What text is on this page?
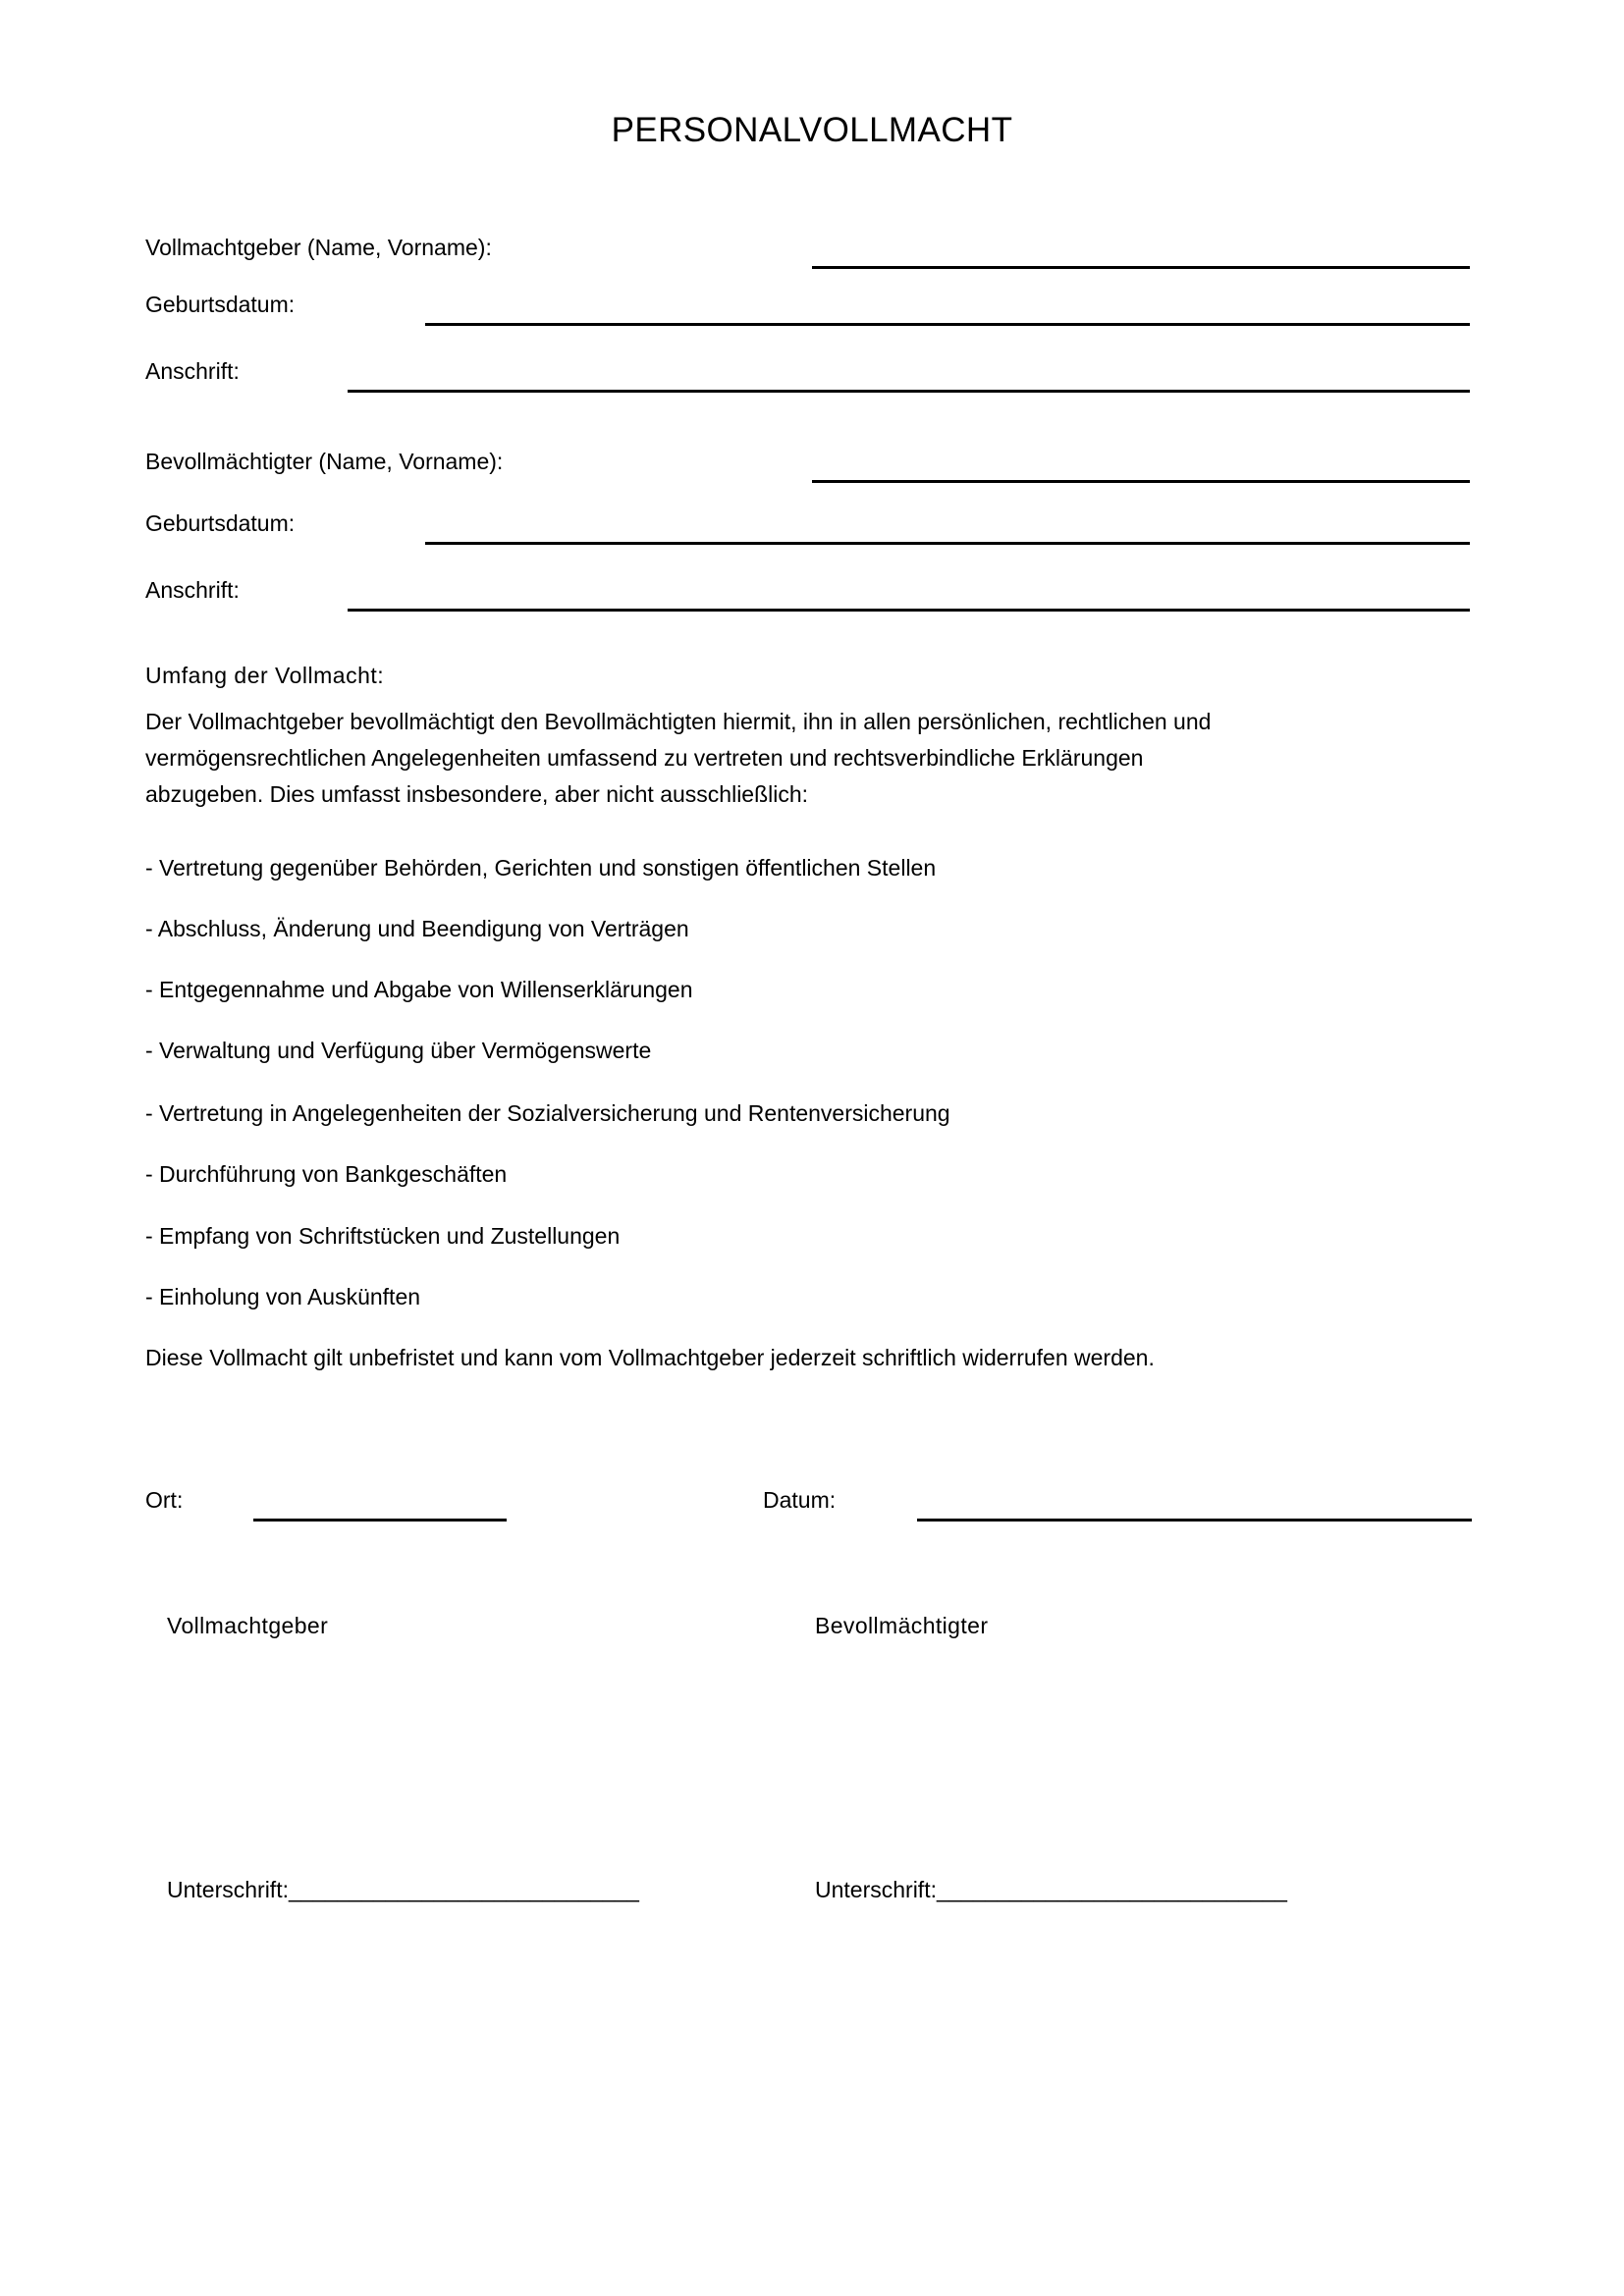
PERSONALVOLLMACHT
Vollmachtgeber (Name, Vorname):
Geburtsdatum:
Anschrift:
Bevollmächtigter (Name, Vorname):
Geburtsdatum:
Anschrift:
Umfang der Vollmacht:
Der Vollmachtgeber bevollmächtigt den Bevollmächtigten hiermit, ihn in allen persönlichen, rechtlichen und
vermögensrechtlichen Angelegenheiten umfassend zu vertreten und rechtsverbindliche Erklärungen
abzugeben. Dies umfasst insbesondere, aber nicht ausschließlich:
- Vertretung gegenüber Behörden, Gerichten und sonstigen öffentlichen Stellen
- Abschluss, Änderung und Beendigung von Verträgen
- Entgegennahme und Abgabe von Willenserklärungen
- Verwaltung und Verfügung über Vermögenswerte
- Vertretung in Angelegenheiten der Sozialversicherung und Rentenversicherung
- Durchführung von Bankgeschäften
- Empfang von Schriftstücken und Zustellungen
- Einholung von Auskünften
Diese Vollmacht gilt unbefristet und kann vom Vollmachtgeber jederzeit schriftlich widerrufen werden.
Ort:	Datum:
Vollmachtgeber	Bevollmächtigter
Unterschrift:_____________________________	Unterschrift:_____________________________
